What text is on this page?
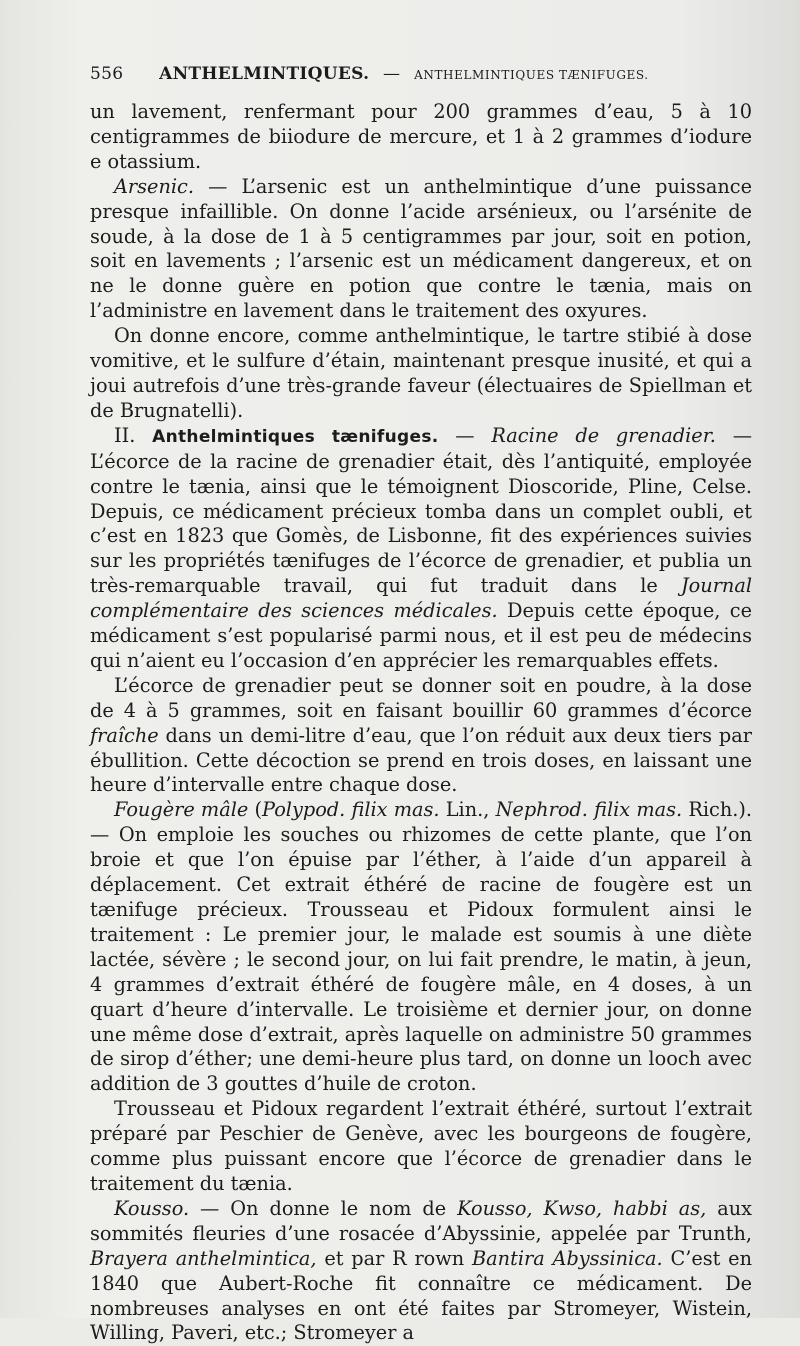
556 ANTHELMINTIQUES. — ANTHELMINTIQUES TÆNIFUGES.

un lavement, renfermant pour 200 grammes d’eau, 5 à 10 centigrammes de biiodure de mercure, et 1 à 2 grammes d’iodure e otassium.

Arsenic. — L’arsenic est un anthelmintique d’une puissance presque infaillible. On donne l’acide arsénieux, ou l’arsénite de soude, à la dose de 1 à 5 centigrammes par jour, soit en potion, soit en lavements ; l’arsenic est un médicament dangereux, et on ne le donne guère en potion que contre le tænia, mais on l’administre en lavement dans le traitement des oxyures.

On donne encore, comme anthelmintique, le tartre stibié à dose vomitive, et le sulfure d’étain, maintenant presque inusité, et qui a joui autrefois d’une très-grande faveur (électuaires de Spiellman et de Brugnatelli).

II. Anthelmintiques tænifuges. — Racine de grenadier. — L’écorce de la racine de grenadier était, dès l’antiquité, employée contre le tænia, ainsi que le témoignent Dioscoride, Pline, Celse. Depuis, ce médicament précieux tomba dans un complet oubli, et c’est en 1823 que Gomès, de Lisbonne, fit des expériences suivies sur les propriétés tænifuges de l’écorce de grenadier, et publia un très-remarquable travail, qui fut traduit dans le Journal complémentaire des sciences médicales. Depuis cette époque, ce médicament s’est popularisé parmi nous, et il est peu de médecins qui n’aient eu l’occasion d’en apprécier les remarquables effets.

L’écorce de grenadier peut se donner soit en poudre, à la dose de 4 à 5 grammes, soit en faisant bouillir 60 grammes d’écorce fraîche dans un demi-litre d’eau, que l’on réduit aux deux tiers par ébullition. Cette décoction se prend en trois doses, en laissant une heure d’intervalle entre chaque dose.

Fougère mâle (Polypod. filix mas. Lin., Nephrod. filix mas. Rich.).— On emploie les souches ou rhizomes de cette plante, que l’on broie et que l’on épuise par l’éther, à l’aide d’un appareil à déplacement. Cet extrait éthéré de racine de fougère est un tænifuge précieux. Trousseau et Pidoux formulent ainsi le traitement : Le premier jour, le malade est soumis à une diète lactée, sévère ; le second jour, on lui fait prendre, le matin, à jeun, 4 grammes d’extrait éthéré de fougère mâle, en 4 doses, à un quart d’heure d’intervalle. Le troisième et dernier jour, on donne une même dose d’extrait, après laquelle on administre 50 grammes de sirop d’éther; une demi-heure plus tard, on donne un looch avec addition de 3 gouttes d’huile de croton.

Trousseau et Pidoux regardent l’extrait éthéré, surtout l’extrait préparé par Peschier de Genève, avec les bourgeons de fougère, comme plus puissant encore que l’écorce de grenadier dans le traitement du tænia.

Kousso. — On donne le nom de Kousso, Kwso, habbi as, aux sommités fleuries d’une rosacée d’Abyssinie, appelée par Trunth, Brayera anthelmintica, et par R rown Bantira Abyssinica. C’est en 1840 que Aubert-Roche fit connaître ce médicament. De nombreuses analyses en ont été faites par Stromeyer, Wistein, Willing, Paveri, etc.; Stromeyer a
